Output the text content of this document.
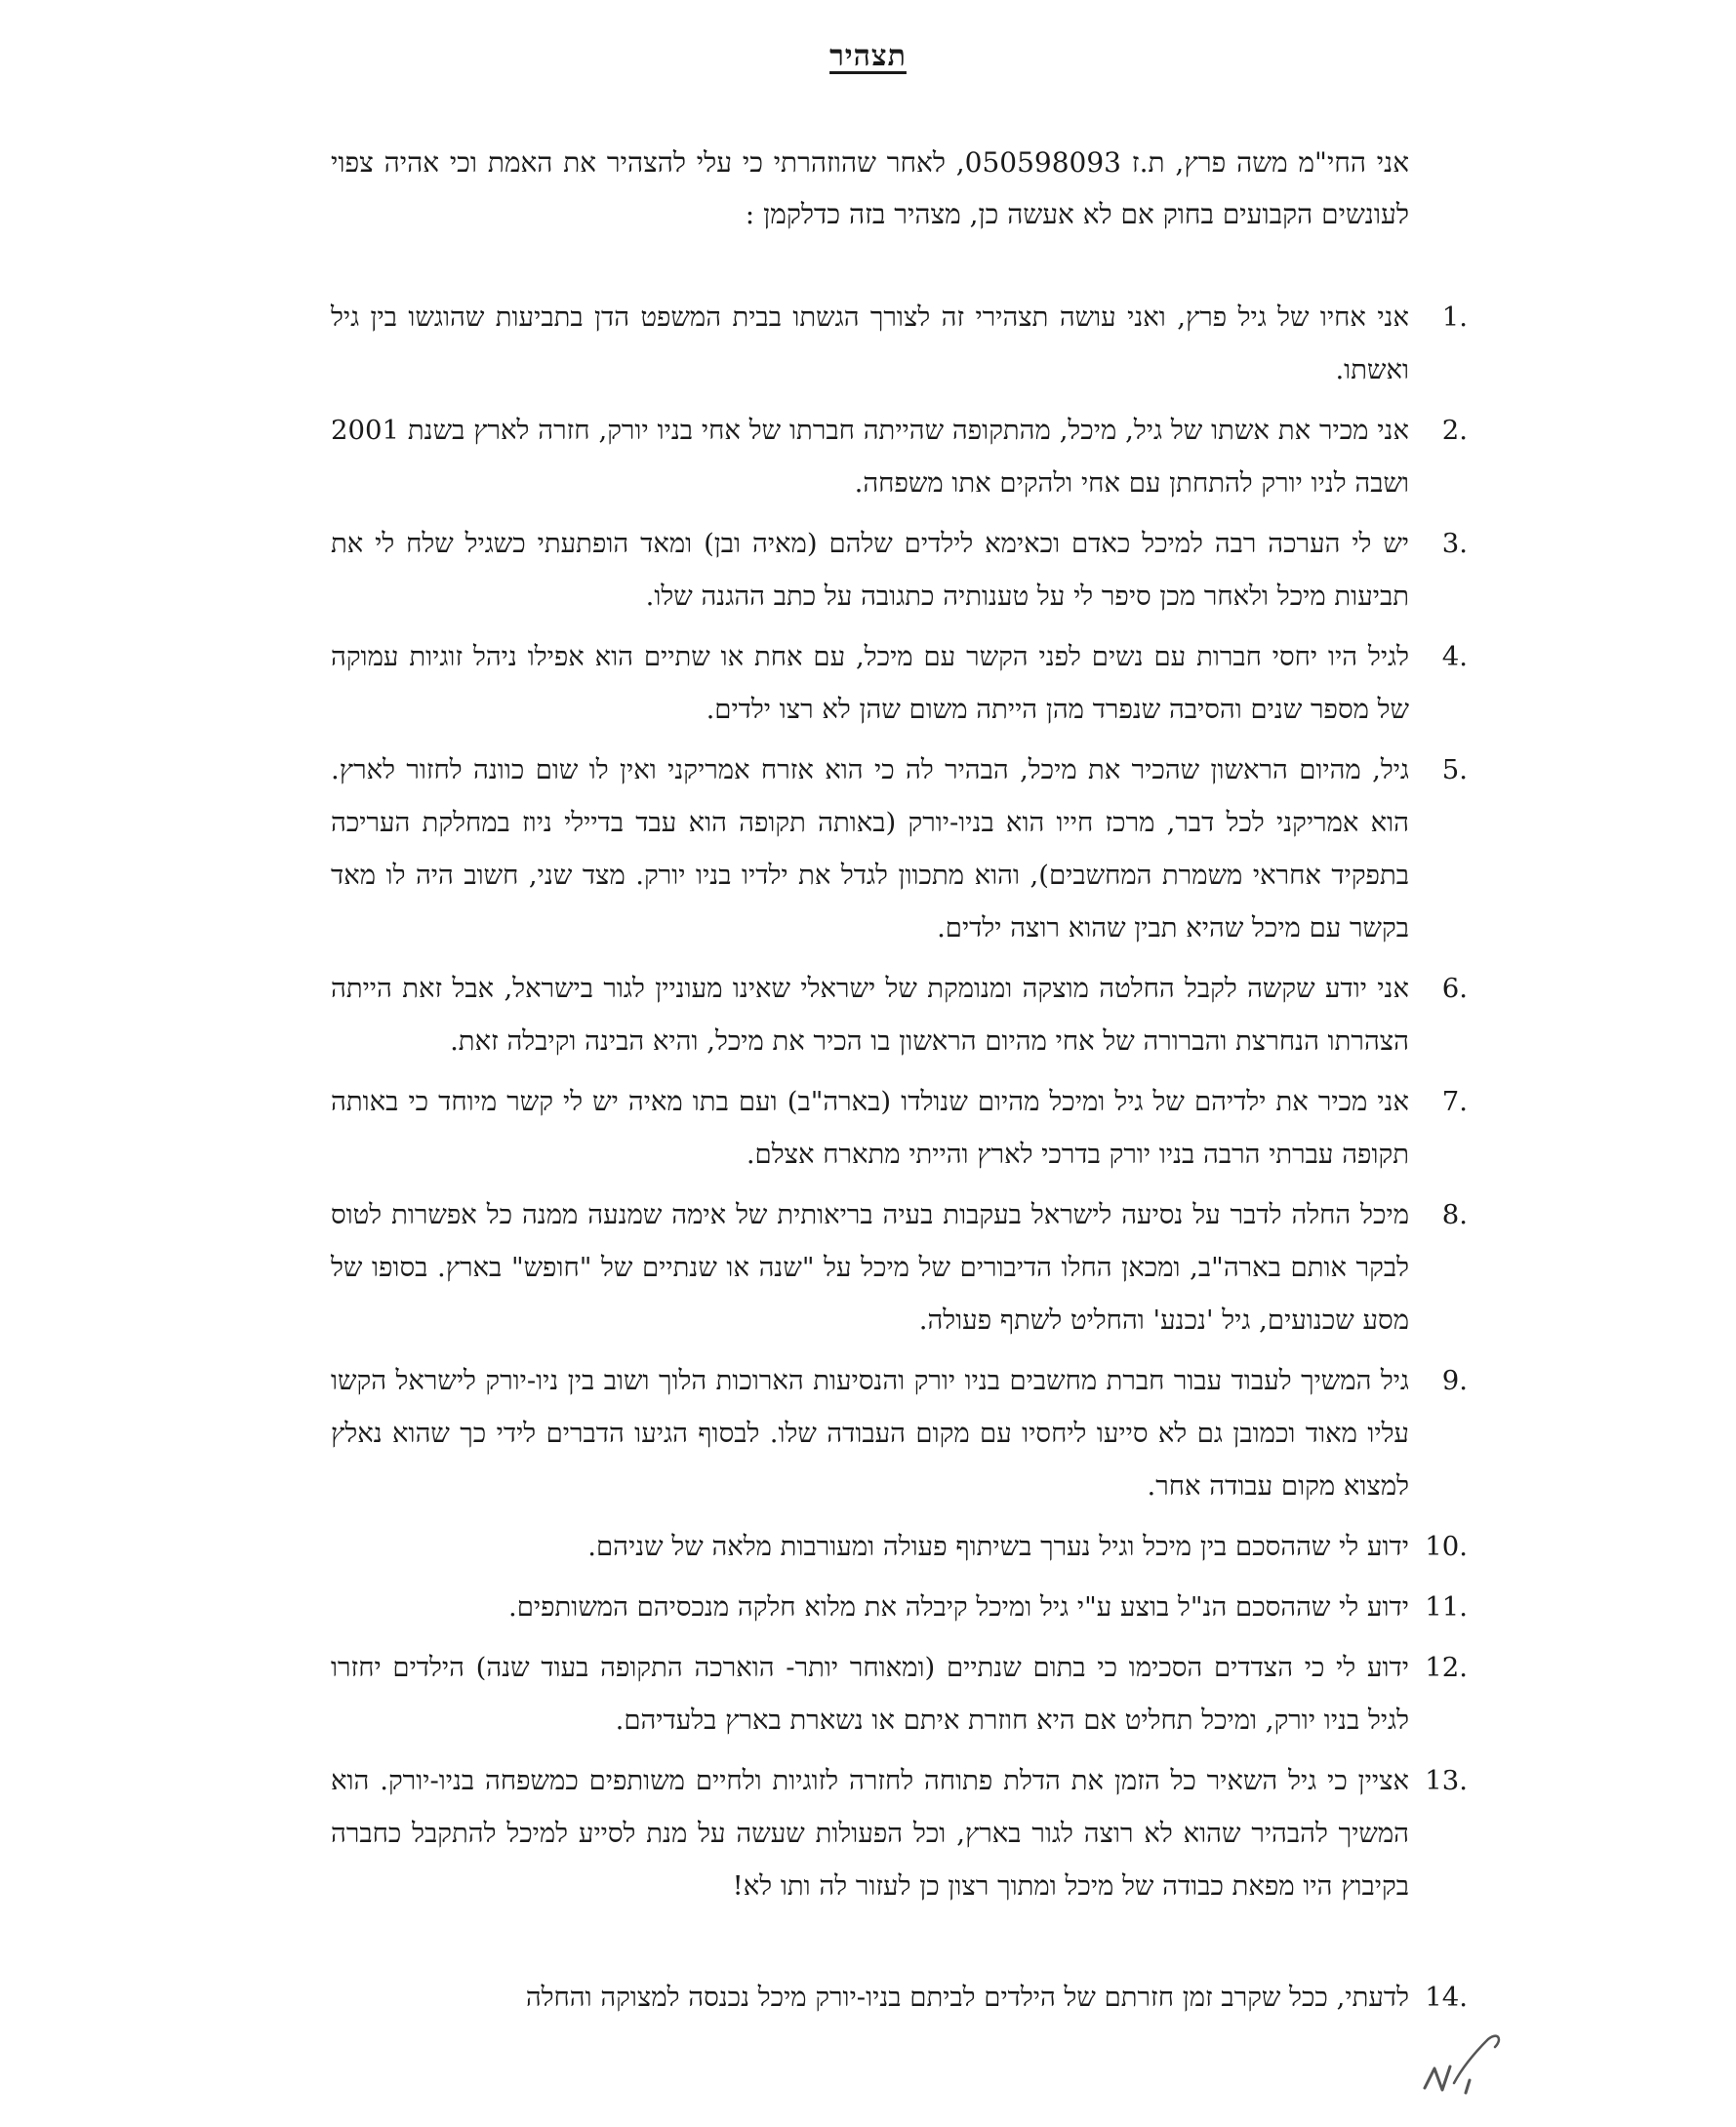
תצהיר
אני החי"מ משה פרץ, ת.ז 050598093, לאחר שהוזהרתי כי עלי להצהיר את האמת וכי אהיה צפוי לעונשים הקבועים בחוק אם לא אעשה כן, מצהיר בזה כדלקמן :
1.
אני אחיו של גיל פרץ, ואני עושה תצהירי זה לצורך הגשתו בבית המשפט הדן בתביעות שהוגשו בין גיל ואשתו.
2.
אני מכיר את אשתו של גיל, מיכל, מהתקופה שהייתה חברתו של אחי בניו יורק, חזרה לארץ בשנת 2001 ושבה לניו יורק להתחתן עם אחי ולהקים אתו משפחה.
3.
יש לי הערכה רבה למיכל כאדם וכאימא לילדים שלהם (מאיה ובן) ומאד הופתעתי כשגיל שלח לי את תביעות מיכל ולאחר מכן סיפר לי על טענותיה כתגובה על כתב ההגנה שלו.
4.
לגיל היו יחסי חברות עם נשים לפני הקשר עם מיכל, עם אחת או שתיים הוא אפילו ניהל זוגיות עמוקה של מספר שנים והסיבה שנפרד מהן הייתה משום שהן לא רצו ילדים.
5.
גיל, מהיום הראשון שהכיר את מיכל, הבהיר לה כי הוא אזרח אמריקני ואין לו שום כוונה לחזור לארץ. הוא אמריקני לכל דבר, מרכז חייו הוא בניו-יורק (באותה תקופה הוא עבד בדיילי ניוז במחלקת העריכה בתפקיד אחראי משמרת המחשבים), והוא מתכוון לגדל את ילדיו בניו יורק. מצד שני, חשוב היה לו מאד בקשר עם מיכל שהיא תבין שהוא רוצה ילדים.
6.
אני יודע שקשה לקבל החלטה מוצקה ומנומקת של ישראלי שאינו מעוניין לגור בישראל, אבל זאת הייתה הצהרתו הנחרצת והברורה של אחי מהיום הראשון בו הכיר את מיכל, והיא הבינה וקיבלה זאת.
7.
אני מכיר את ילדיהם של גיל ומיכל מהיום שנולדו (בארה"ב) ועם בתו מאיה יש לי קשר מיוחד כי באותה תקופה עברתי הרבה בניו יורק בדרכי לארץ והייתי מתארח אצלם.
8.
מיכל החלה לדבר על נסיעה לישראל בעקבות בעיה בריאותית של אימה שמנעה ממנה כל אפשרות לטוס לבקר אותם בארה"ב, ומכאן החלו הדיבורים של מיכל על "שנה או שנתיים של "חופש" בארץ. בסופו של מסע שכנועים, גיל 'נכנע' והחליט לשתף פעולה.
9.
גיל המשיך לעבוד עבור חברת מחשבים בניו יורק והנסיעות הארוכות הלוך ושוב בין ניו-יורק לישראל הקשו עליו מאוד וכמובן גם לא סייעו ליחסיו עם מקום העבודה שלו. לבסוף הגיעו הדברים לידי כך שהוא נאלץ למצוא מקום עבודה אחר.
10.
ידוע לי שההסכם בין מיכל וגיל נערך בשיתוף פעולה ומעורבות מלאה של שניהם.
11.
ידוע לי שההסכם הנ"ל בוצע ע"י גיל ומיכל קיבלה את מלוא חלקה מנכסיהם המשותפים.
12.
ידוע לי כי הצדדים הסכימו כי בתום שנתיים (ומאוחר יותר- הוארכה התקופה בעוד שנה) הילדים יחזרו לגיל בניו יורק, ומיכל תחליט אם היא חוזרת איתם או נשארת בארץ בלעדיהם.
13.
אציין כי גיל השאיר כל הזמן את הדלת פתוחה לחזרה לזוגיות ולחיים משותפים כמשפחה בניו-יורק. הוא המשיך להבהיר שהוא לא רוצה לגור בארץ, וכל הפעולות שעשה על מנת לסייע למיכל להתקבל כחברה בקיבוץ היו מפאת כבודה של מיכל ומתוך רצון כן לעזור לה ותו לא!
14.
לדעתי, ככל שקרב זמן חזרתם של הילדים לביתם בניו-יורק מיכל נכנסה למצוקה והחלה
